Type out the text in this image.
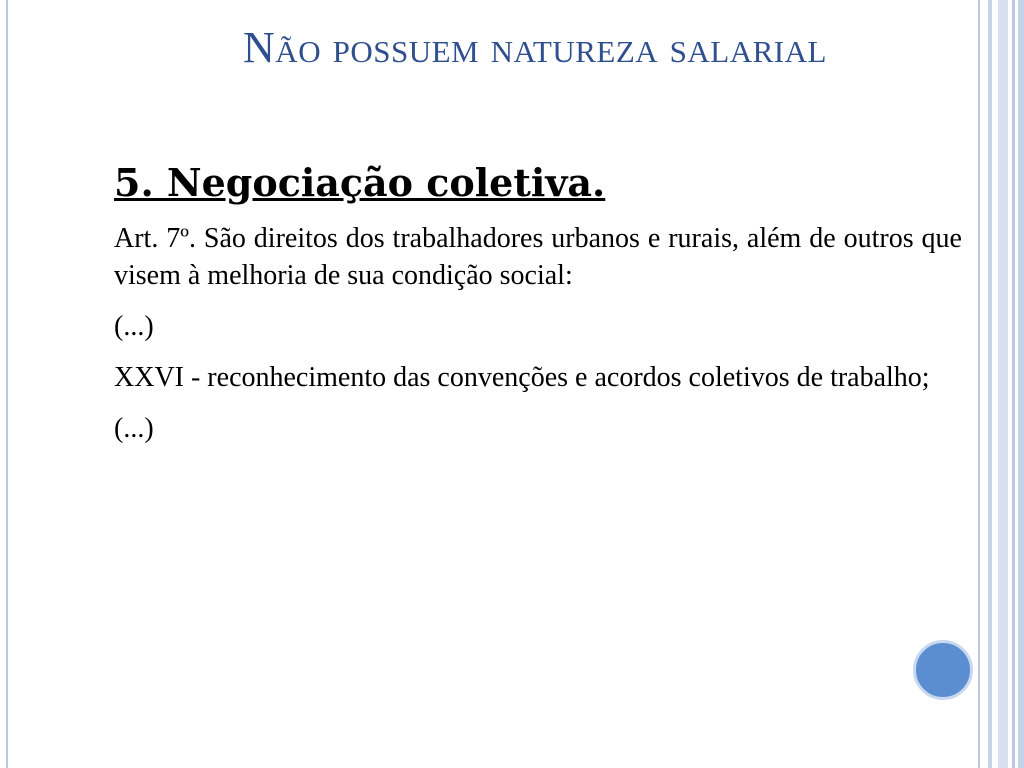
Não possuem natureza salarial
5. Negociação coletiva.

Art. 7º. São direitos dos trabalhadores urbanos e rurais, além de outros que visem à melhoria de sua condição social:

(...)

XXVI - reconhecimento das convenções e acordos coletivos de trabalho;

(...)
